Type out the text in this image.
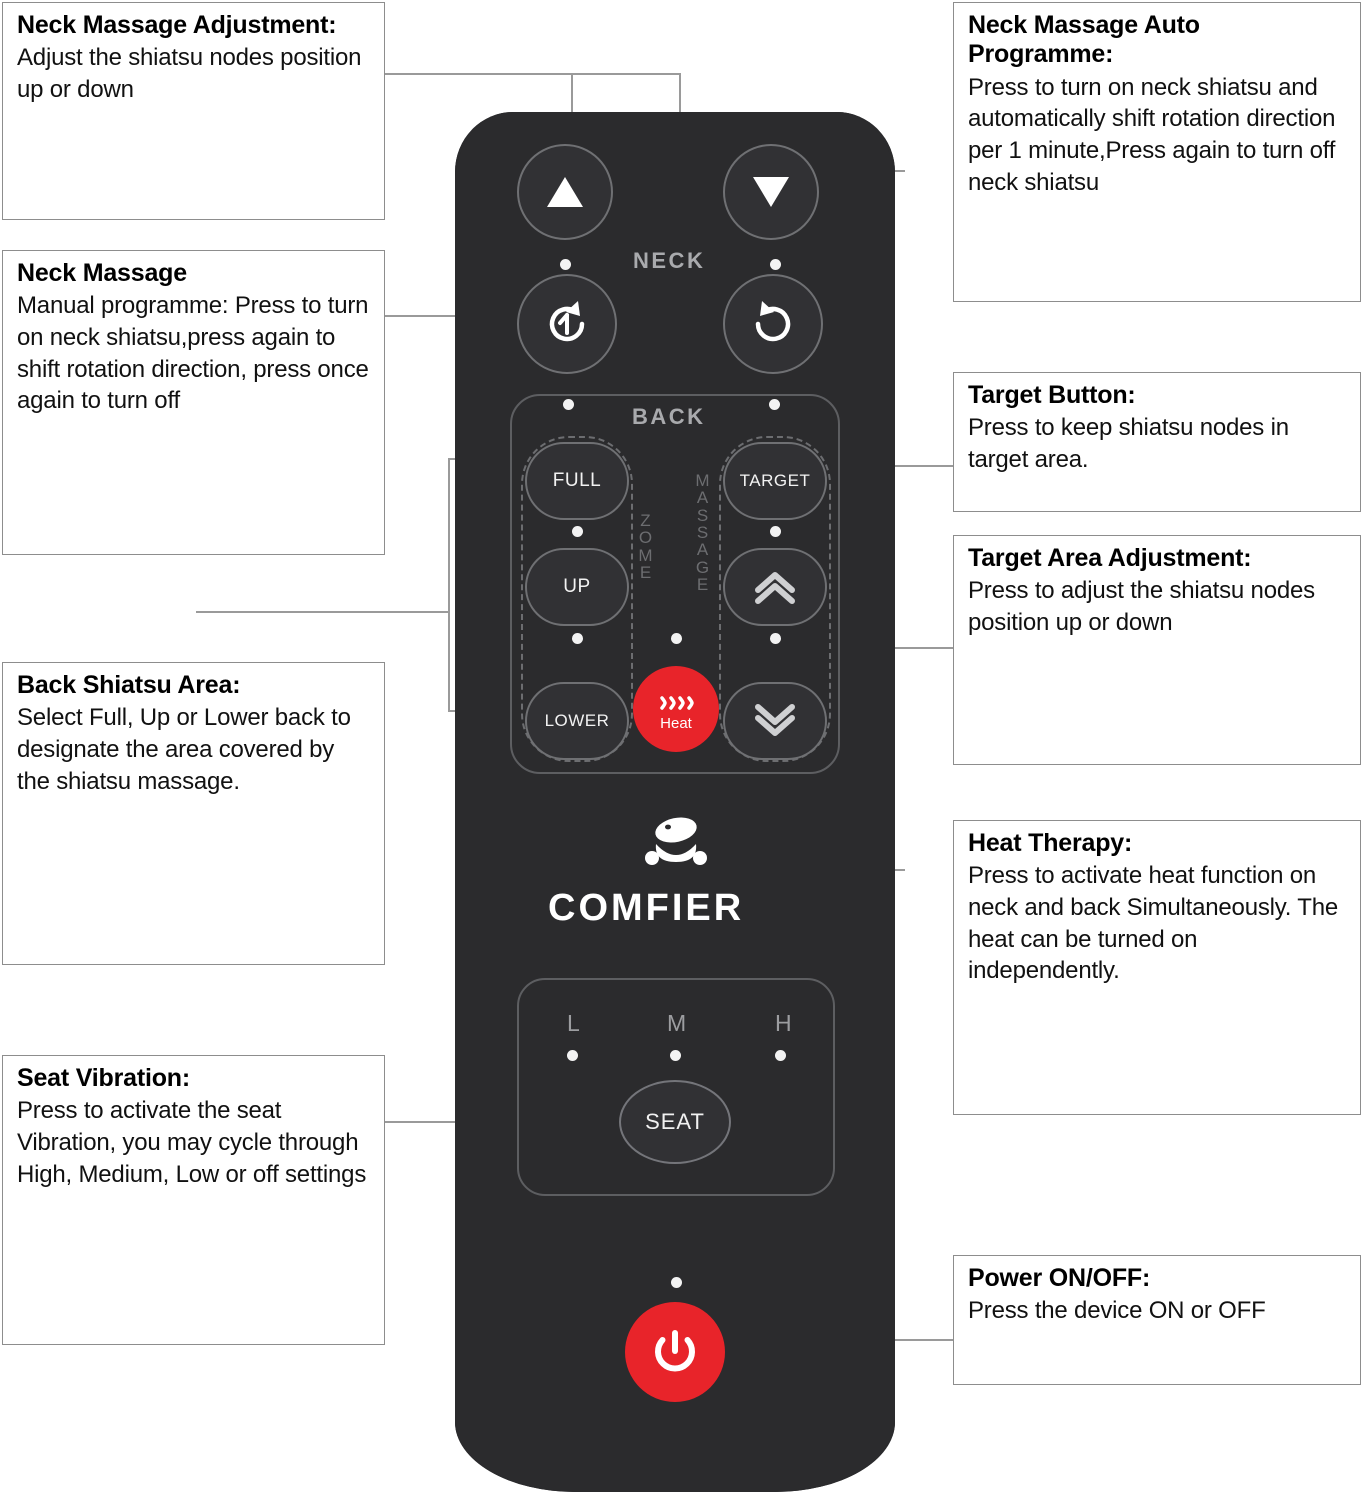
NECK
BACK
FULL
UP
LOWER
Z
O
M
E
M
A
S
S
A
G
E
TARGET
Heat
COMFIER
L	M	H
SEAT

Neck Massage Adjustment:

Adjust the shiatsu nodes position up or down

Neck Massage

Manual programme: Press to turn on neck shiatsu,press again to shift rotation direction, press once again to turn off

Back Shiatsu Area:

Select Full, Up or Lower back to designate the area covered by the shiatsu massage.

Seat Vibration:

Press to activate the seat Vibration, you may cycle through High, Medium, Low or off settings

Neck Massage Auto Programme:

Press to turn on neck shiatsu and automatically shift rotation direction per 1 minute,Press again to turn off neck shiatsu

Target Button:

Press to keep shiatsu nodes in target area.

Target Area Adjustment:

Press to adjust the shiatsu nodes position up or down

Heat Therapy:

Press to activate heat function on neck and back Simultaneously. The heat can be turned on independently.

Power ON/OFF:

Press the device ON or OFF
